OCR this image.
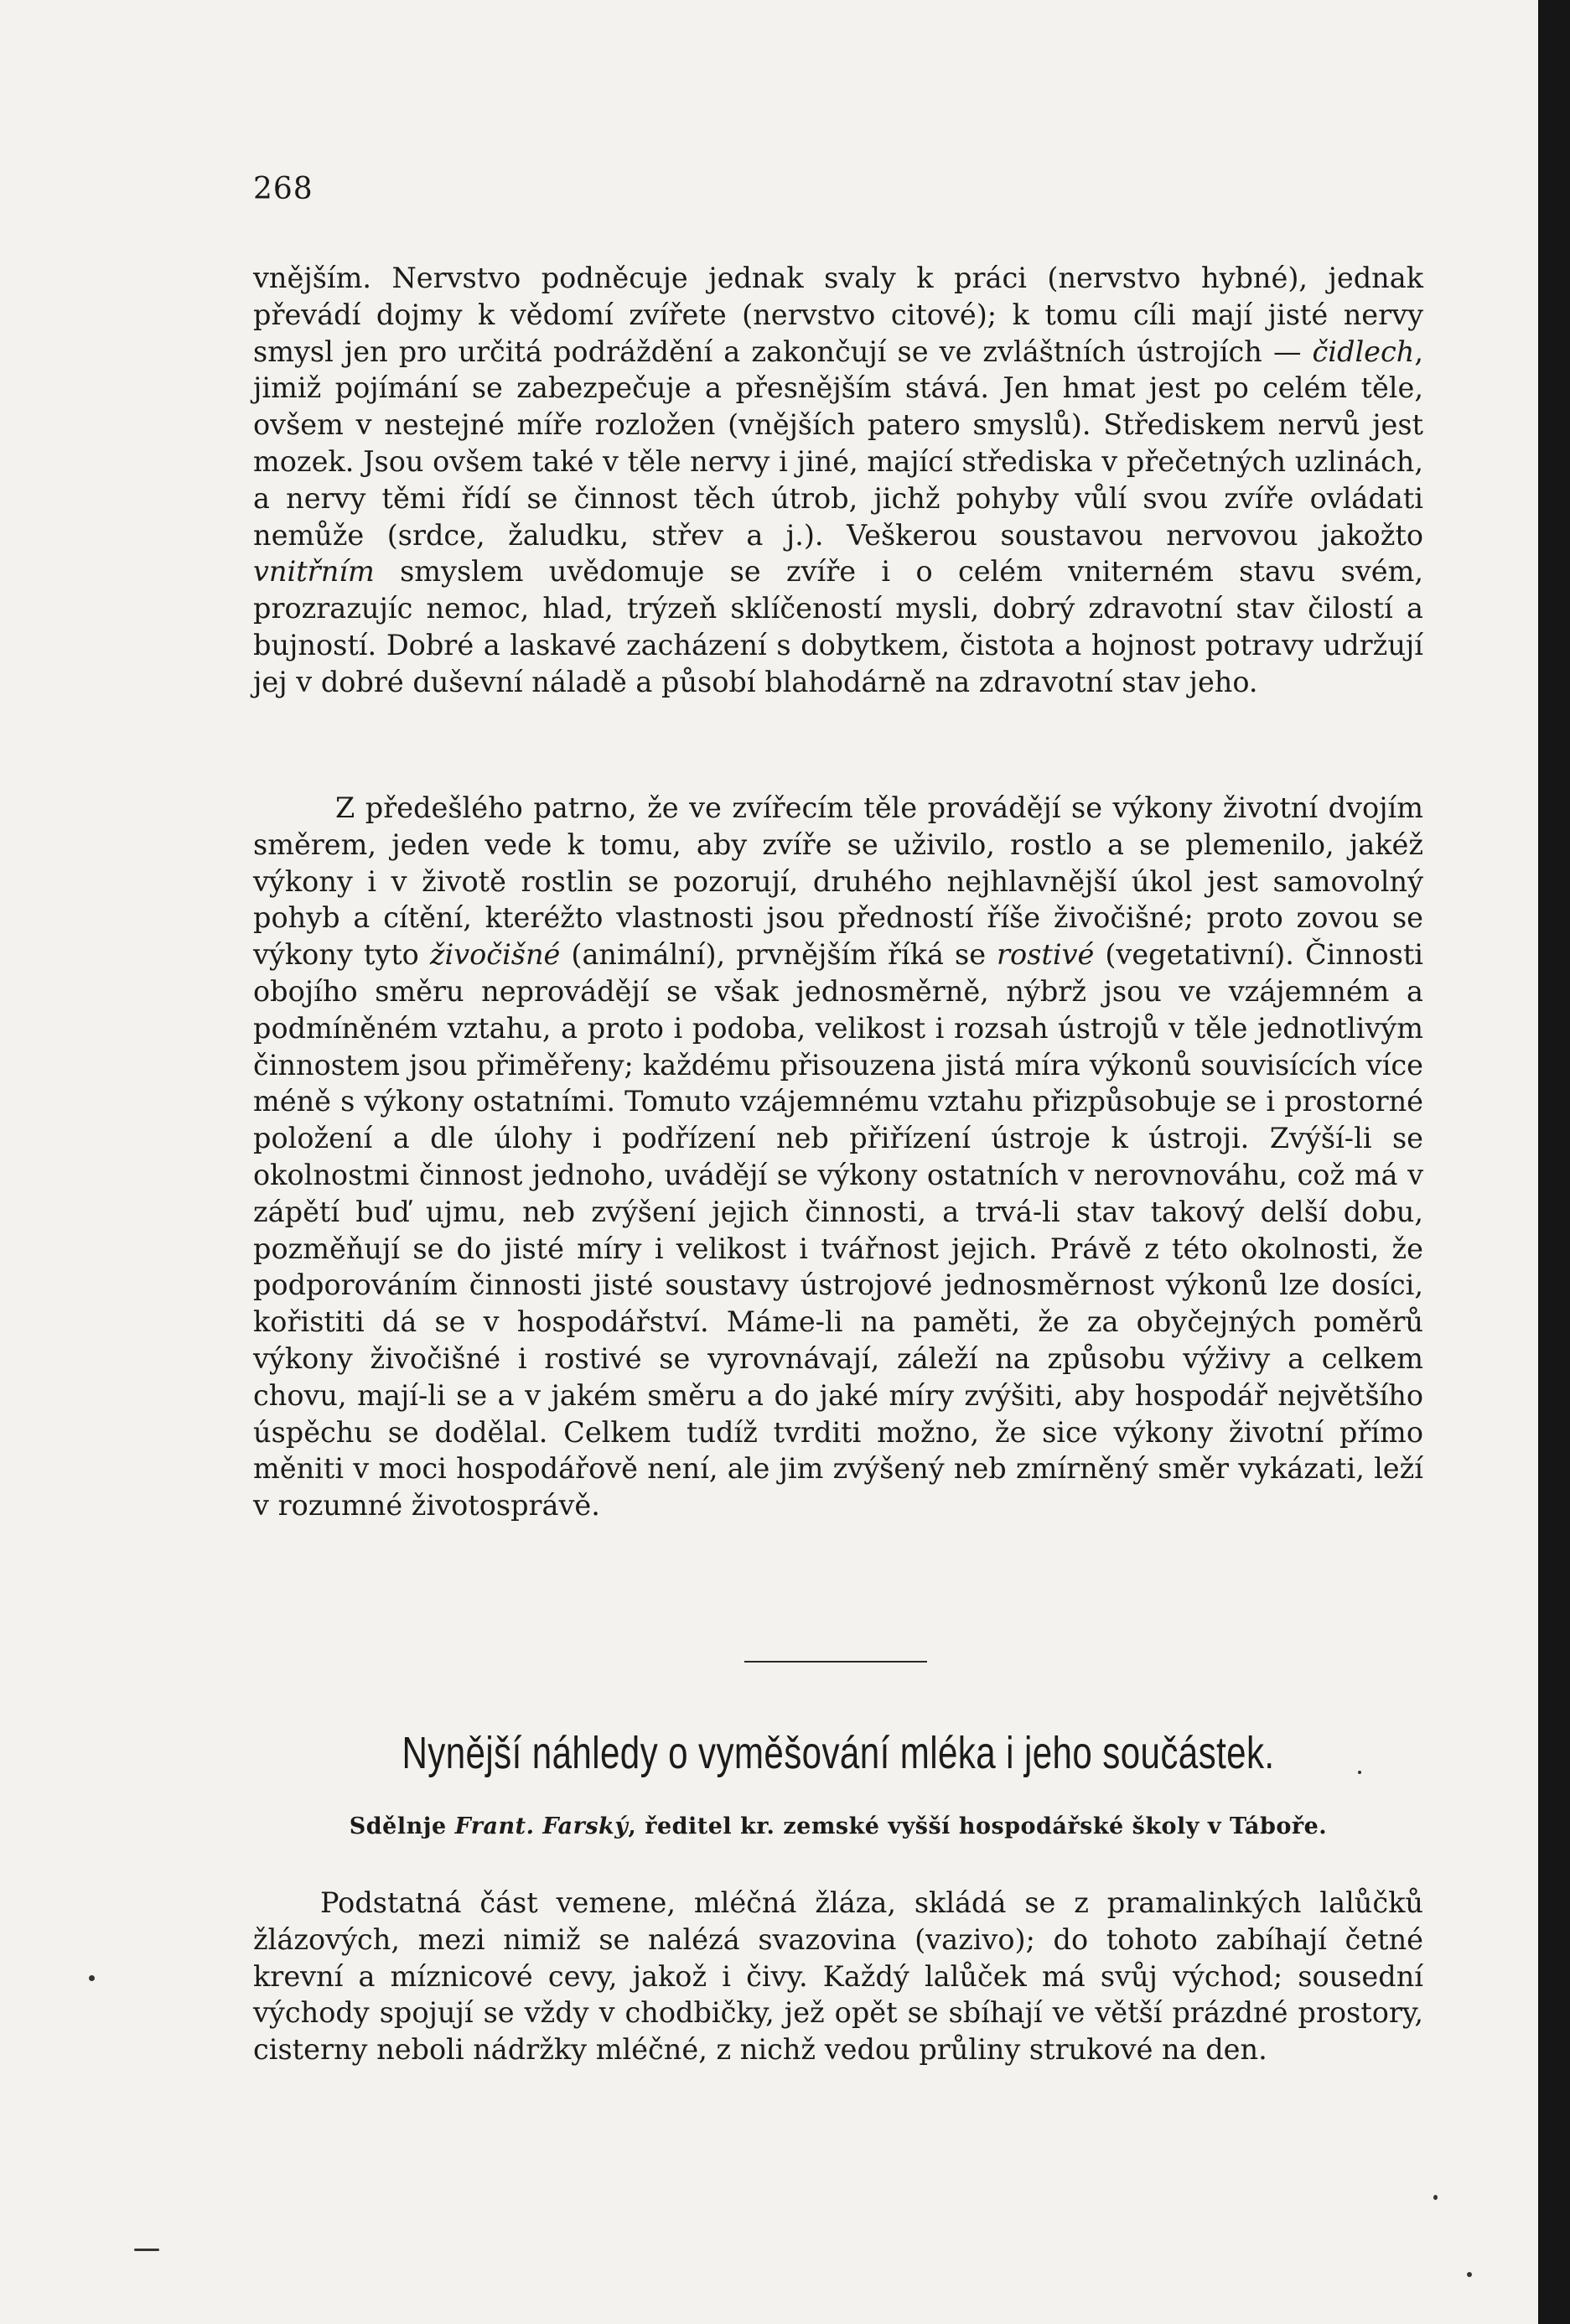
268

vnějším. Nervstvo podněcuje jednak svaly k práci (nervstvo hybné), jednak převádí dojmy k vědomí zvířete (nervstvo citové); k tomu cíli mají jisté nervy smysl jen pro určitá podráždění a zakončují se ve zvláštních ústrojích — čidlech, jimiž pojímání se zabezpečuje a přesnějším stává. Jen hmat jest po celém těle, ovšem v nestejné míře rozložen (vnějších patero smyslů). Střediskem nervů jest mozek. Jsou ovšem také v těle nervy i jiné, mající střediska v přečetných uzlinách, a nervy těmi řídí se činnost těch útrob, jichž pohyby vůlí svou zvíře ovládati nemůže (srdce, žaludku, střev a j.). Veškerou soustavou nervovou jakožto vnitřním smyslem uvědomuje se zvíře i o celém vniterném stavu svém, prozrazujíc nemoc, hlad, trýzeň sklíčeností mysli, dobrý zdravotní stav čilostí a bujností. Dobré a laskavé zacházení s dobytkem, čistota a hojnost potravy udržují jej v dobré duševní náladě a působí blahodárně na zdravotní stav jeho.

Z předešlého patrno, že ve zvířecím těle provádějí se výkony životní dvojím směrem, jeden vede k tomu, aby zvíře se uživilo, rostlo a se plemenilo, jakéž výkony i v životě rostlin se pozorují, druhého nejhlavnější úkol jest samovolný pohyb a cítění, kteréžto vlastnosti jsou předností říše živočišné; proto zovou se výkony tyto živočišné (animální), prvnějším říká se rostivé (vegetativní). Činnosti obojího směru neprovádějí se však jednosměrně, nýbrž jsou ve vzájemném a podmíněném vztahu, a proto i podoba, velikost i rozsah ústrojů v těle jednotlivým činnostem jsou přiměřeny; každému přisouzena jistá míra výkonů souvisících více méně s výkony ostatními. Tomuto vzájemnému vztahu přizpůsobuje se i prostorné položení a dle úlohy i podřízení neb přiřízení ústroje k ústroji. Zvýší-li se okolnostmi činnost jednoho, uvádějí se výkony ostatních v nerovnováhu, což má v zápětí buď ujmu, neb zvýšení jejich činnosti, a trvá-li stav takový delší dobu, pozměňují se do jisté míry i velikost i tvářnost jejich. Právě z této okolnosti, že podporováním činnosti jisté soustavy ústrojové jednosměrnost výkonů lze dosíci, kořistiti dá se v hospodářství. Máme-li na paměti, že za obyčejných poměrů výkony živočišné i rostivé se vyrovnávají, záleží na způsobu výživy a celkem chovu, mají-li se a v jakém směru a do jaké míry zvýšiti, aby hospodář největšího úspěchu se dodělal. Celkem tudíž tvrditi možno, že sice výkony životní přímo měniti v moci hospodářově není, ale jim zvýšený neb zmírněný směr vykázati, leží v rozumné životosprávě.

Nynější náhledy o vyměšování mléka i jeho součástek.
Sdělnje Frant. Farský, ředitel kr. zemské vyšší hospodářské školy v Táboře.

Podstatná část vemene, mléčná žláza, skládá se z pramalinkých lalůčků žlázových, mezi nimiž se nalézá svazovina (vazivo); do tohoto zabíhají četné krevní a míznicové cevy, jakož i čivy. Každý lalůček má svůj východ; sousední východy spojují se vždy v chodbičky, jež opět se sbíhají ve větší prázdné prostory, cisterny neboli nádržky mléčné, z nichž vedou průliny strukové na den.
